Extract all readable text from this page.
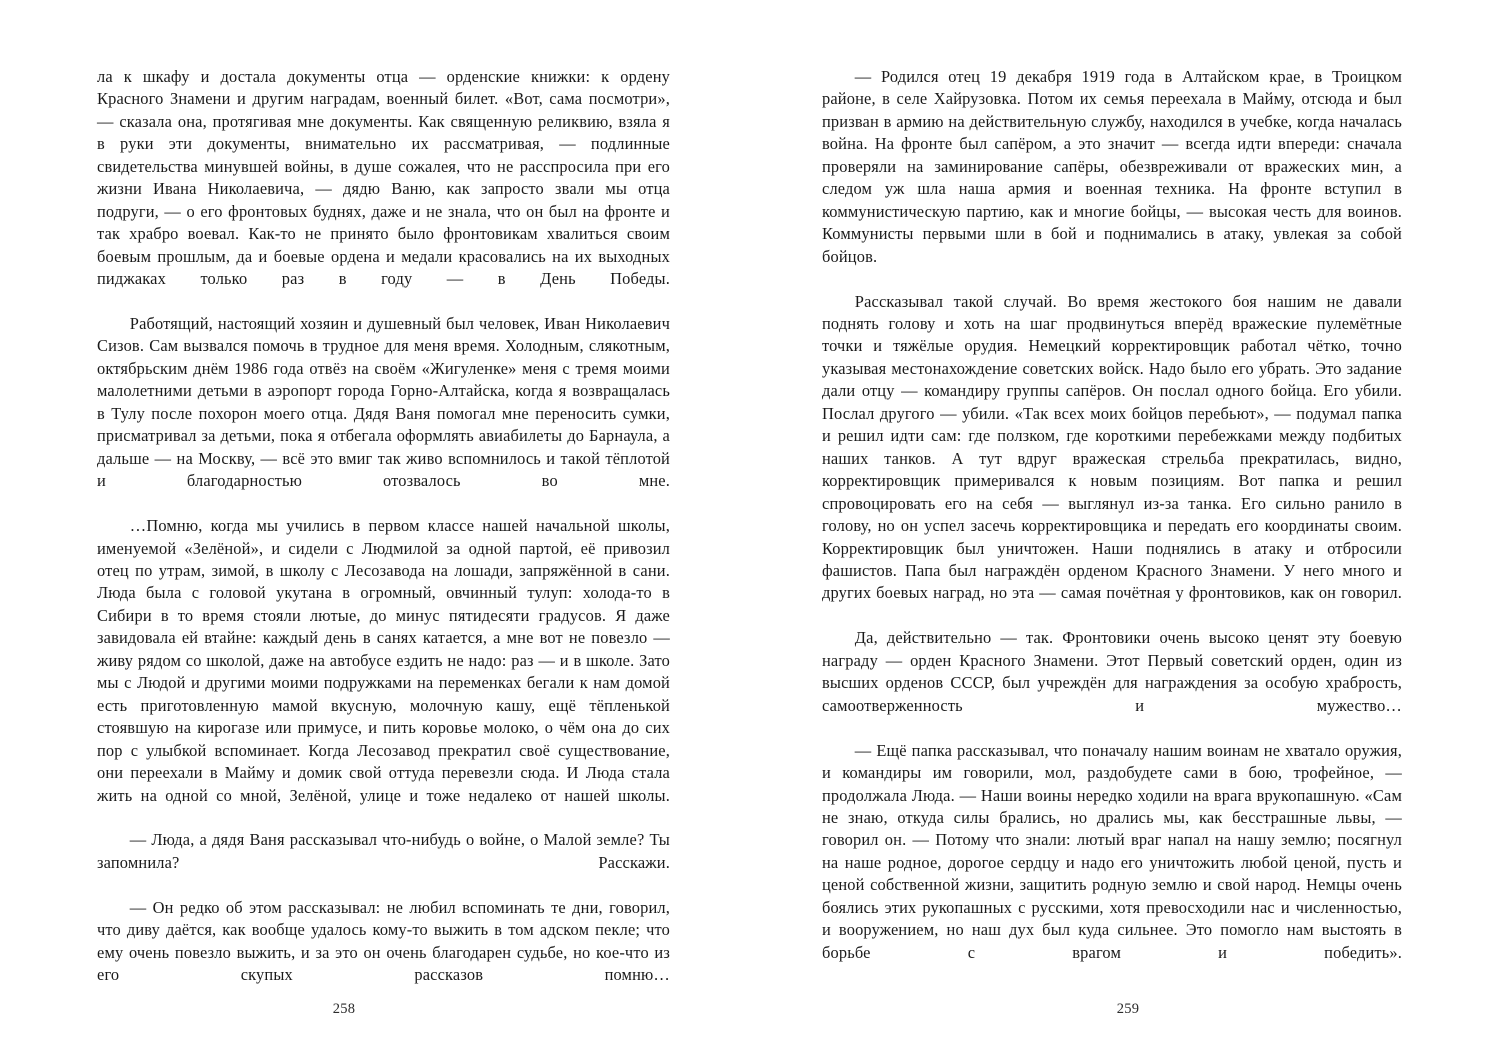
ла к шкафу и достала документы отца — орденские книжки: к ордену Красного Знамени и другим наградам, военный билет. «Вот, сама посмотри», — сказала она, протягивая мне документы. Как священную реликвию, взяла я в руки эти документы, внимательно их рассматривая, — подлинные свидетельства минувшей войны, в душе сожалея, что не расспросила при его жизни Ивана Николаевича, — дядю Ваню, как запросто звали мы отца подруги, — о его фронтовых буднях, даже и не знала, что он был на фронте и так храбро воевал. Как-то не принято было фронтовикам хвалиться своим боевым прошлым, да и боевые ордена и медали красовались на их выходных пиджаках только раз в году — в День Победы.

Работящий, настоящий хозяин и душевный был человек, Иван Николаевич Сизов. Сам вызвался помочь в трудное для меня время. Холодным, слякотным, октябрьским днём 1986 года отвёз на своём «Жигуленке» меня с тремя моими малолетними детьми в аэропорт города Горно-Алтайска, когда я возвращалась в Тулу после похорон моего отца. Дядя Ваня помогал мне переносить сумки, присматривал за детьми, пока я отбегала оформлять авиабилеты до Барнаула, а дальше — на Москву, — всё это вмиг так живо вспомнилось и такой тёплотой и благодарностью отозвалось во мне.

…Помню, когда мы учились в первом классе нашей начальной школы, именуемой «Зелёной», и сидели с Людмилой за одной партой, её привозил отец по утрам, зимой, в школу с Лесозавода на лошади, запряжённой в сани. Люда была с головой укутана в огромный, овчинный тулуп: холода-то в Сибири в то время стояли лютые, до минус пятидесяти градусов. Я даже завидовала ей втайне: каждый день в санях катается, а мне вот не повезло — живу рядом со школой, даже на автобусе ездить не надо: раз — и в школе. Зато мы с Людой и другими моими подружками на переменках бегали к нам домой есть приготовленную мамой вкусную, молочную кашу, ещё тёпленькой стоявшую на кирогазе или примусе, и пить коровье молоко, о чём она до сих пор с улыбкой вспоминает. Когда Лесозавод прекратил своё существование, они переехали в Майму и домик свой оттуда перевезли сюда. И Люда стала жить на одной со мной, Зелёной, улице и тоже недалеко от нашей школы.

— Люда, а дядя Ваня рассказывал что-нибудь о войне, о Малой земле? Ты запомнила? Расскажи.

— Он редко об этом рассказывал: не любил вспоминать те дни, говорил, что диву даётся, как вообще удалось кому-то выжить в том адском пекле; что ему очень повезло выжить, и за это он очень благодарен судьбе, но кое-что из его скупых рассказов помню…

258

— Родился отец 19 декабря 1919 года в Алтайском крае, в Троицком районе, в селе Хайрузовка. Потом их семья переехала в Майму, отсюда и был призван в армию на действительную службу, находился в учебке, когда началась война. На фронте был сапёром, а это значит — всегда идти впереди: сначала проверяли на заминирование сапёры, обезвреживали от вражеских мин, а следом уж шла наша армия и военная техника. На фронте вступил в коммунистическую партию, как и многие бойцы, — высокая честь для воинов. Коммунисты первыми шли в бой и поднимались в атаку, увлекая за собой бойцов.

Рассказывал такой случай. Во время жестокого боя нашим не давали поднять голову и хоть на шаг продвинуться вперёд вражеские пулемётные точки и тяжёлые орудия. Немецкий корректировщик работал чётко, точно указывая местонахождение советских войск. Надо было его убрать. Это задание дали отцу — командиру группы сапёров. Он послал одного бойца. Его убили. Послал другого — убили. «Так всех моих бойцов перебьют», — подумал папка и решил идти сам: где ползком, где короткими перебежками между подбитых наших танков. А тут вдруг вражеская стрельба прекратилась, видно, корректировщик примеривался к новым позициям. Вот папка и решил спровоцировать его на себя — выглянул из-за танка. Его сильно ранило в голову, но он успел засечь корректировщика и передать его координаты своим. Корректировщик был уничтожен. Наши поднялись в атаку и отбросили фашистов. Папа был награждён орденом Красного Знамени. У него много и других боевых наград, но эта — самая почётная у фронтовиков, как он говорил.

Да, действительно — так. Фронтовики очень высоко ценят эту боевую награду — орден Красного Знамени. Этот Первый советский орден, один из высших орденов СССР, был учреждён для награждения за особую храбрость, самоотверженность и мужество…

— Ещё папка рассказывал, что поначалу нашим воинам не хватало оружия, и командиры им говорили, мол, раздобудете сами в бою, трофейное, — продолжала Люда. — Наши воины нередко ходили на врага врукопашную. «Сам не знаю, откуда силы брались, но дрались мы, как бесстрашные львы, — говорил он. — Потому что знали: лютый враг напал на нашу землю; посягнул на наше родное, дорогое сердцу и надо его уничтожить любой ценой, пусть и ценой собственной жизни, защитить родную землю и свой народ. Немцы очень боялись этих рукопашных с русскими, хотя превосходили нас и численностью, и вооружением, но наш дух был куда сильнее. Это помогло нам выстоять в борьбе с врагом и победить».

259
